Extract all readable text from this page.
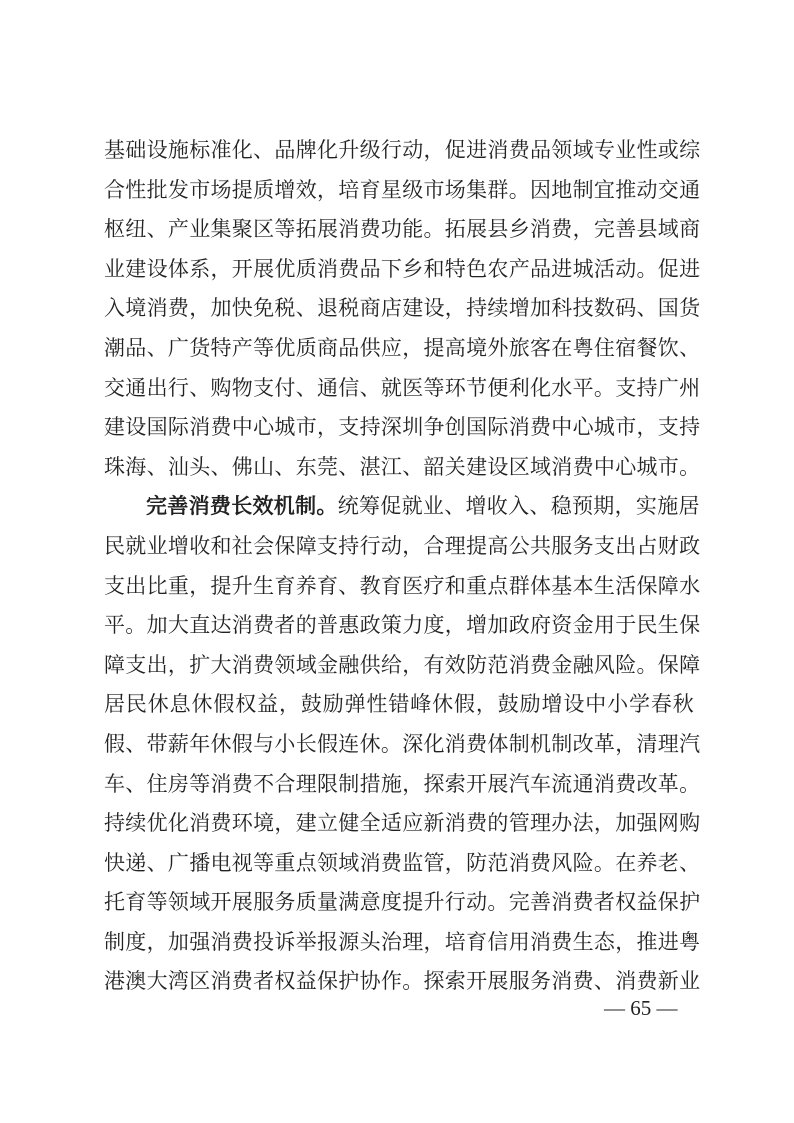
基础设施标准化、品牌化升级行动，促进消费品领域专业性或综
合性批发市场提质增效，培育星级市场集群。因地制宜推动交通
枢纽、产业集聚区等拓展消费功能。拓展县乡消费，完善县域商
业建设体系，开展优质消费品下乡和特色农产品进城活动。促进
入境消费，加快免税、退税商店建设，持续增加科技数码、国货
潮品、广货特产等优质商品供应，提高境外旅客在粤住宿餐饮、
交通出行、购物支付、通信、就医等环节便利化水平。支持广州
建设国际消费中心城市，支持深圳争创国际消费中心城市，支持
珠海、汕头、佛山、东莞、湛江、韶关建设区域消费中心城市。
完善消费长效机制。统筹促就业、增收入、稳预期，实施居
民就业增收和社会保障支持行动，合理提高公共服务支出占财政
支出比重，提升生育养育、教育医疗和重点群体基本生活保障水
平。加大直达消费者的普惠政策力度，增加政府资金用于民生保
障支出，扩大消费领域金融供给，有效防范消费金融风险。保障
居民休息休假权益，鼓励弹性错峰休假，鼓励增设中小学春秋
假、带薪年休假与小长假连休。深化消费体制机制改革，清理汽
车、住房等消费不合理限制措施，探索开展汽车流通消费改革。
持续优化消费环境，建立健全适应新消费的管理办法，加强网购
快递、广播电视等重点领域消费监管，防范消费风险。在养老、
托育等领域开展服务质量满意度提升行动。完善消费者权益保护
制度，加强消费投诉举报源头治理，培育信用消费生态，推进粤
港澳大湾区消费者权益保护协作。探索开展服务消费、消费新业
— 65 —
